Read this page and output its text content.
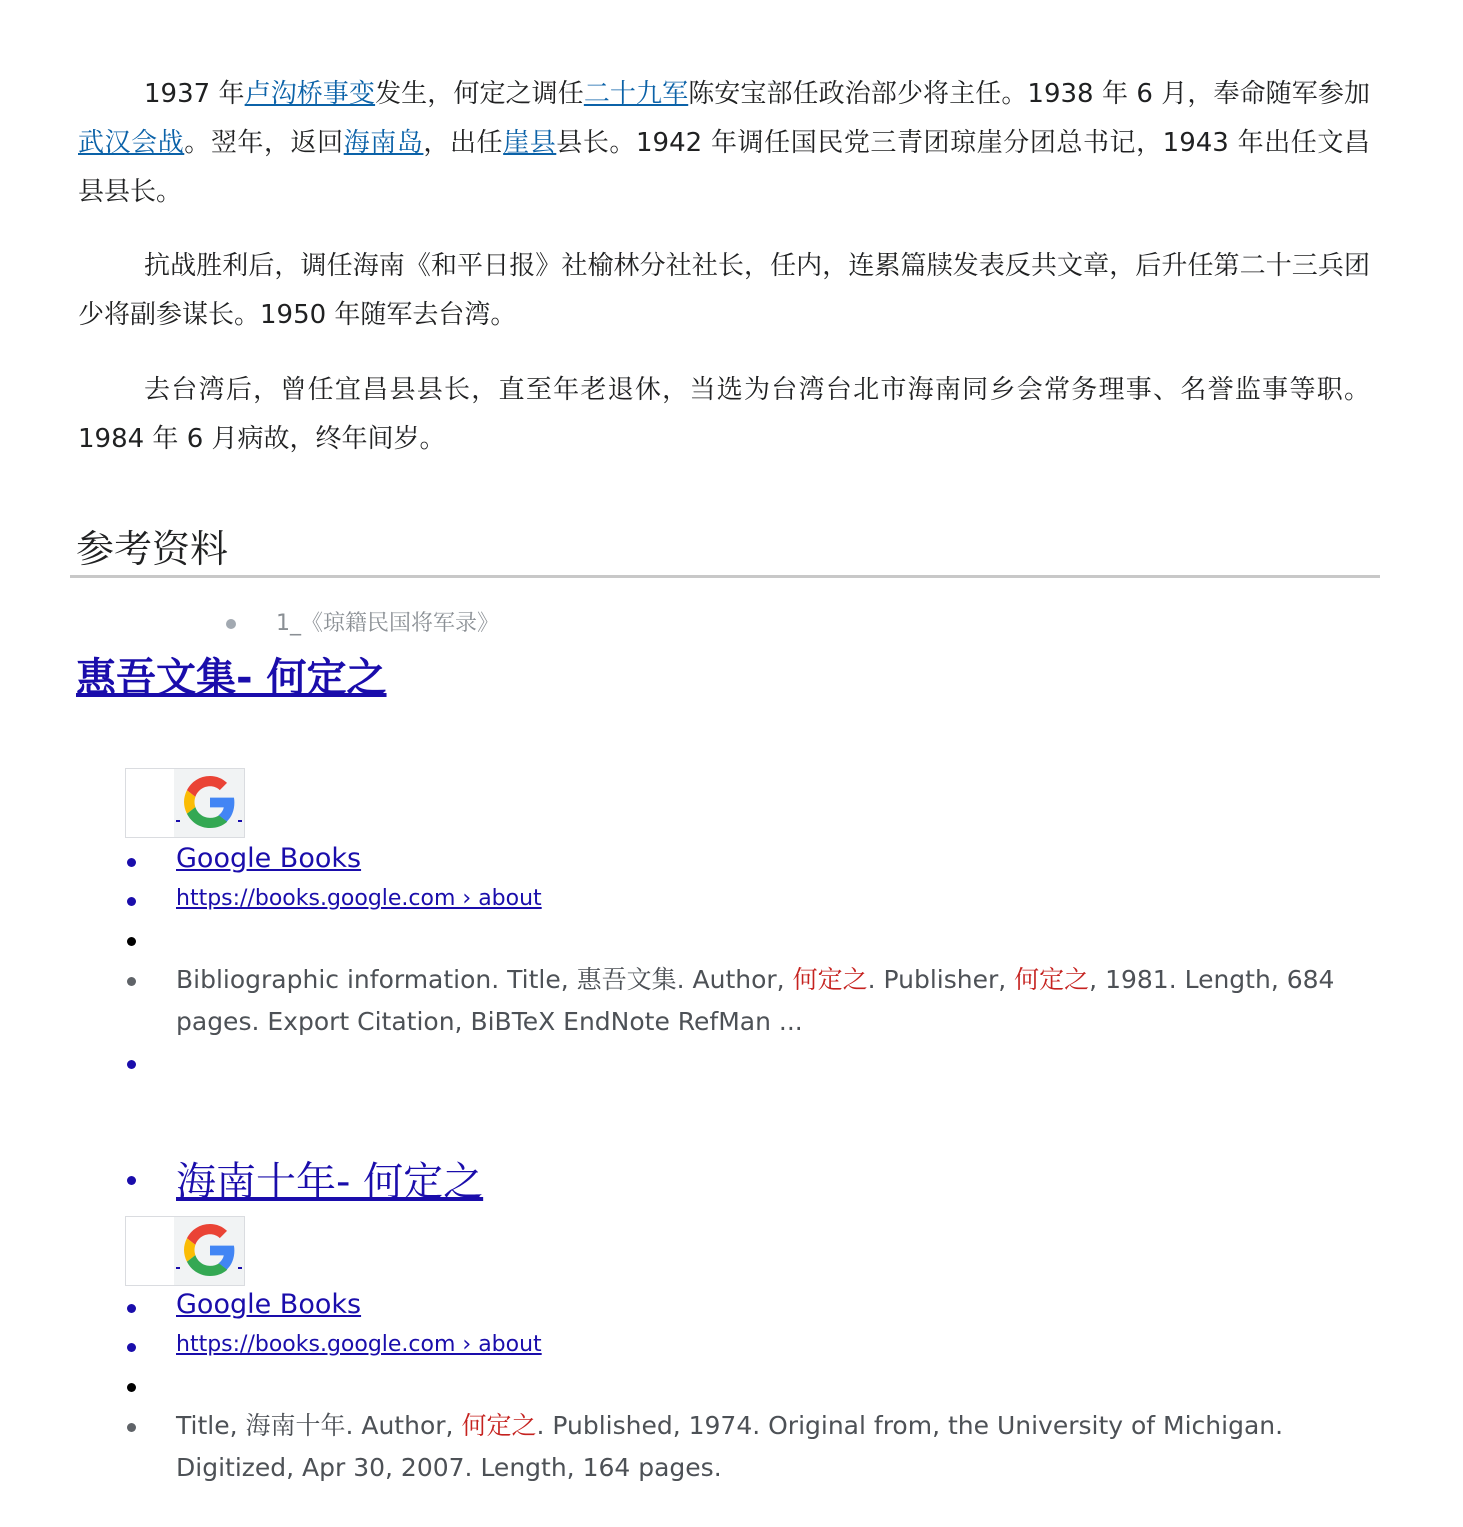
1937 年卢沟桥事变发生，何定之调任二十九军陈安宝部任政治部少将主任。1938 年 6 月，奉命随军参加武汉会战。翌年，返回海南岛，出任崖县县长。1942 年调任国民党三青团琼崖分团总书记，1943 年出任文昌县县长。

抗战胜利后，调任海南《和平日报》社榆林分社社长，任内，连累篇牍发表反共文章，后升任第二十三兵团少将副参谋长。1950 年随军去台湾。

去台湾后，曾任宜昌县县长，直至年老退休，当选为台湾台北市海南同乡会常务理事、名誉监事等职。1984 年 6 月病故，终年间岁。

参考资料
1_《琼籍民国将军录》
惠吾文集- 何定之
Google Books
https://books.google.com › about

Bibliographic information. Title, 惠吾文集. Author, 何定之. Publisher, 何定之, 1981. Length, 684 pages. Export Citation, BiBTeX EndNote RefMan ...

海南十年- 何定之
Google Books
https://books.google.com › about

Title, 海南十年. Author, 何定之. Published, 1974. Original from, the University of Michigan. Digitized, Apr 30, 2007. Length, 164 pages.
